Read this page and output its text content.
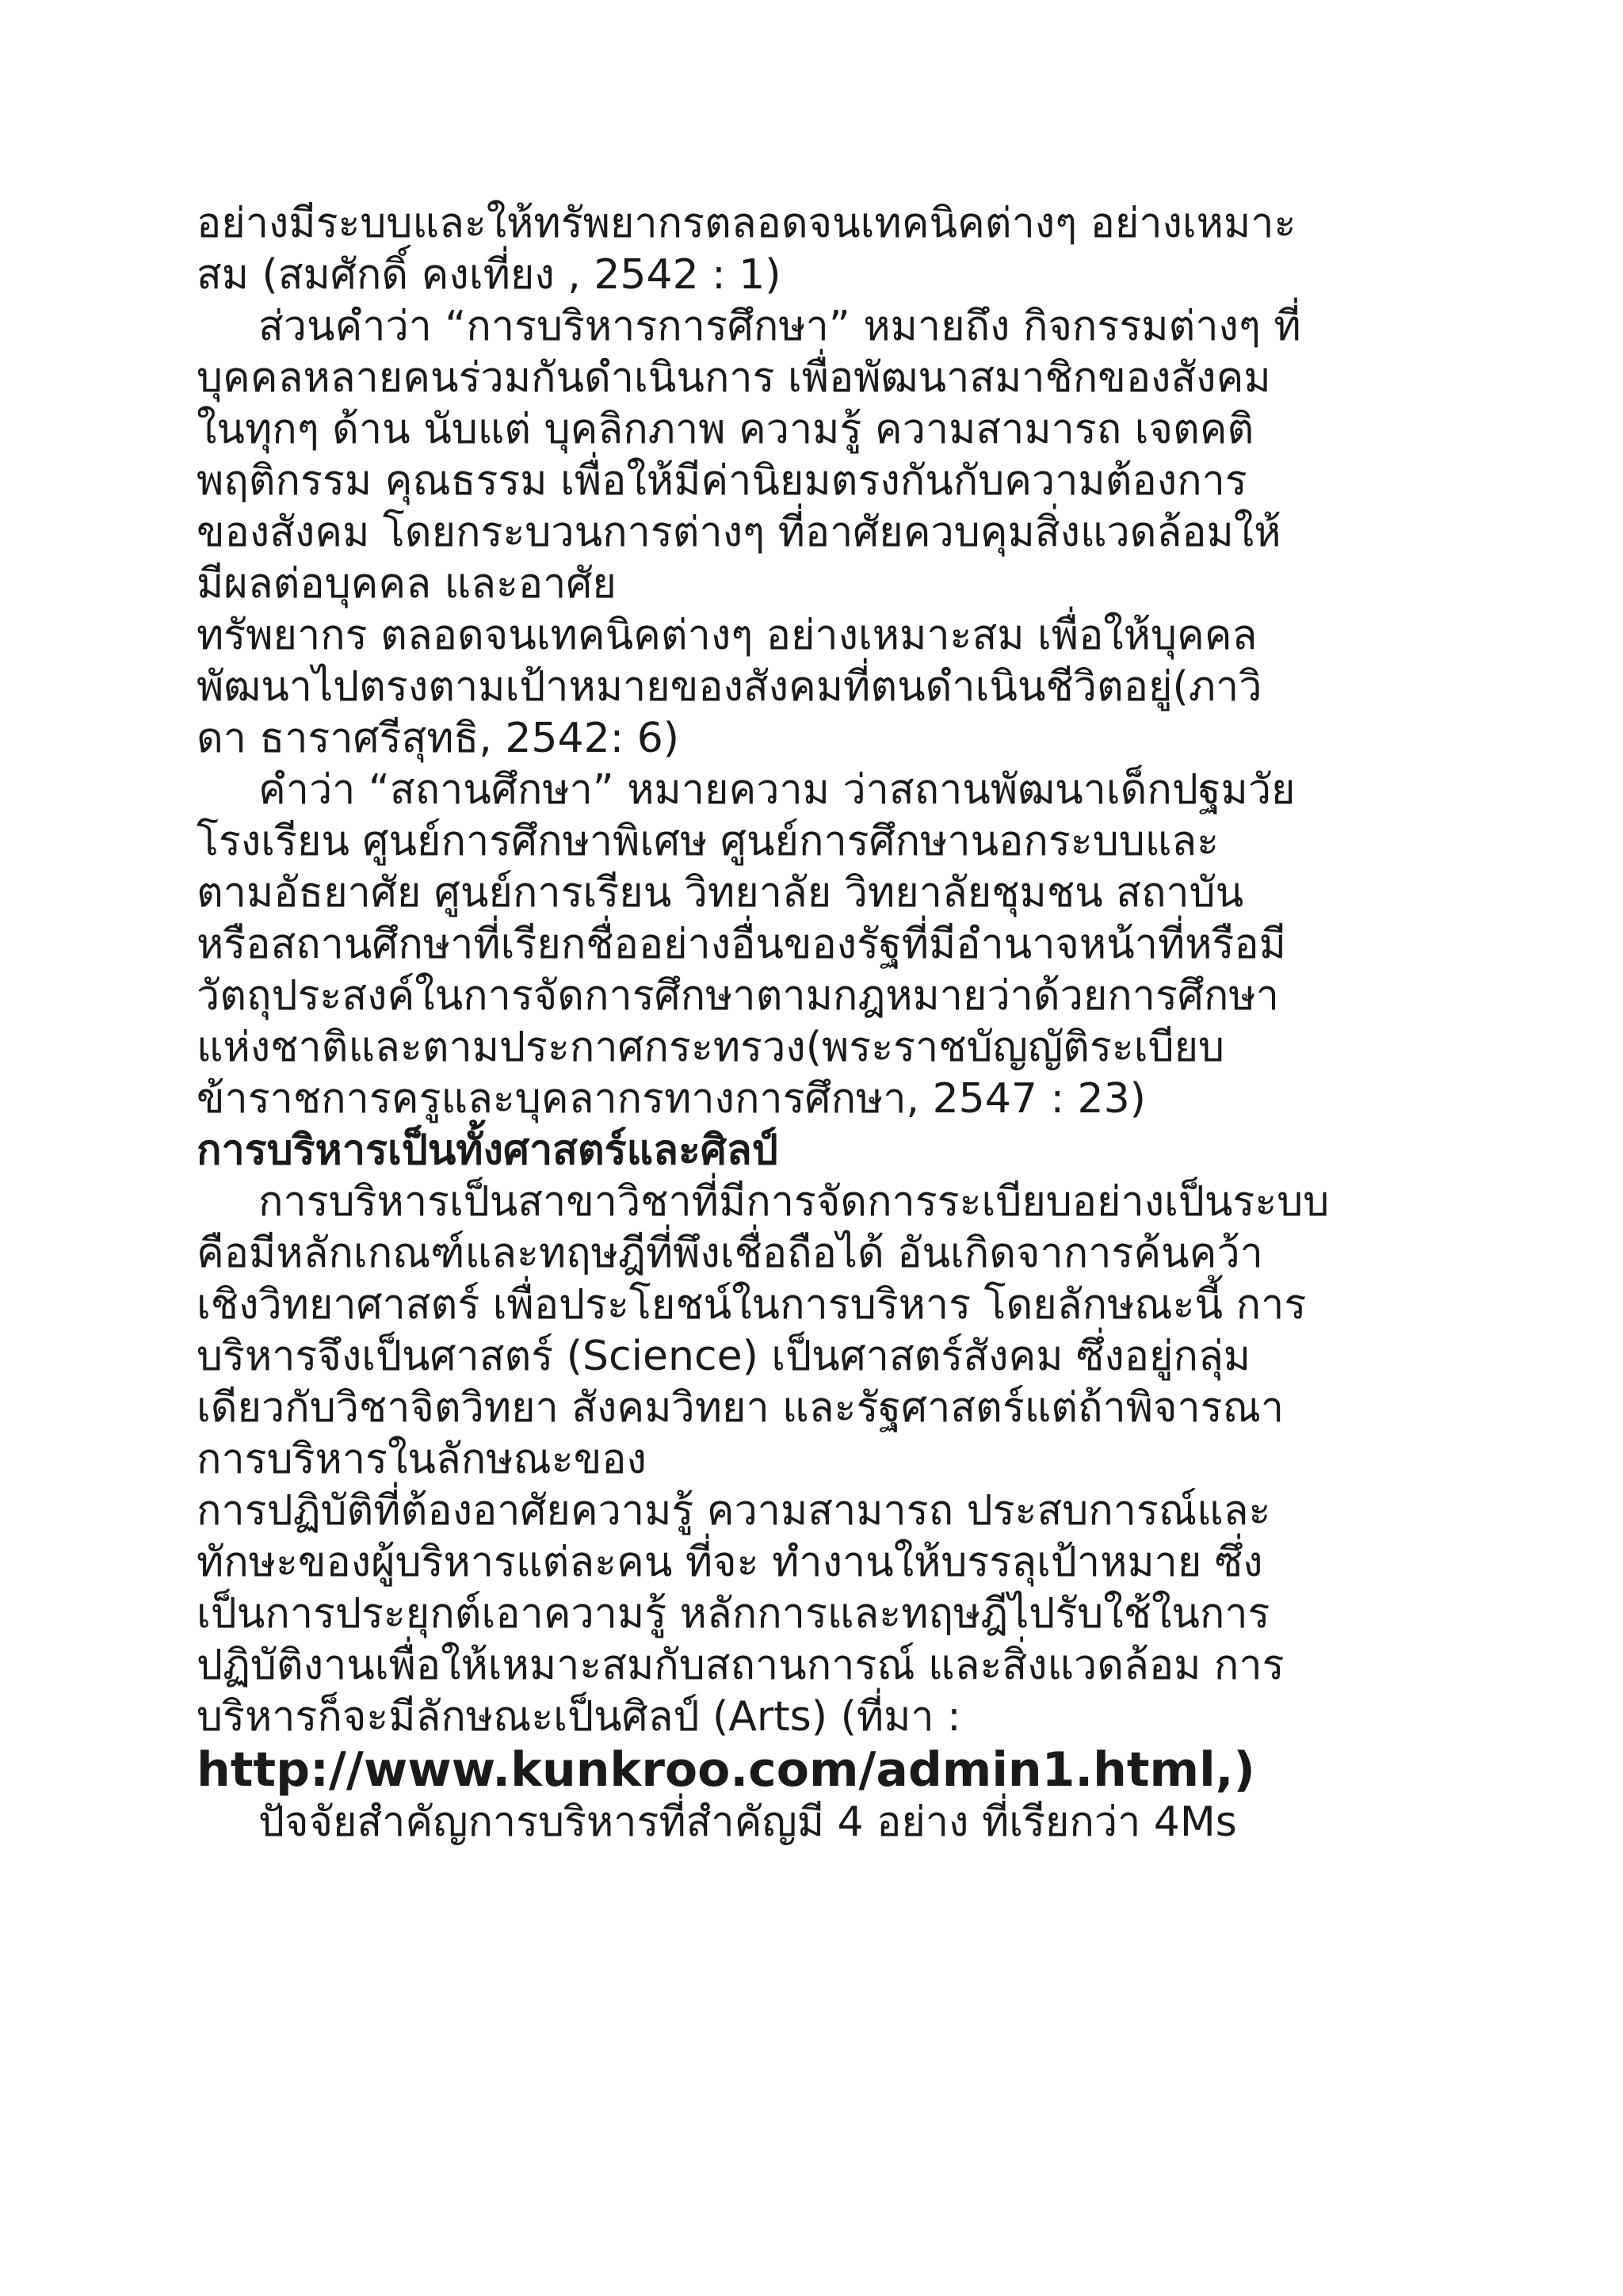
อย่างมีระบบและให้ทรัพยากรตลอดจนเทคนิคต่างๆ อย่างเหมาะ
สม (สมศักดิ์ คงเที่ยง , 2542 : 1)
ส่วนคำว่า “การบริหารการศึกษา” หมายถึง กิจกรรมต่างๆ ที่
บุคคลหลายคนร่วมกันดำเนินการ เพื่อพัฒนาสมาชิกของสังคม
ในทุกๆ ด้าน นับแต่ บุคลิกภาพ ความรู้ ความสามารถ เจตคติ
พฤติกรรม คุณธรรม เพื่อให้มีค่านิยมตรงกันกับความต้องการ
ของสังคม โดยกระบวนการต่างๆ ที่อาศัยควบคุมสิ่งแวดล้อมให้
มีผลต่อบุคคล และอาศัย
ทรัพยากร ตลอดจนเทคนิคต่างๆ อย่างเหมาะสม เพื่อให้บุคคล
พัฒนาไปตรงตามเป้าหมายของสังคมที่ตนดำเนินชีวิตอยู่(ภาวิ
ดา ธาราศรีสุทธิ, 2542: 6)
คำว่า “สถานศึกษา” หมายความ ว่าสถานพัฒนาเด็กปฐมวัย
โรงเรียน ศูนย์การศึกษาพิเศษ ศูนย์การศึกษานอกระบบและ
ตามอัธยาศัย ศูนย์การเรียน วิทยาลัย วิทยาลัยชุมชน สถาบัน
หรือสถานศึกษาที่เรียกชื่ออย่างอื่นของรัฐที่มีอำนาจหน้าที่หรือมี
วัตถุประสงค์ในการจัดการศึกษาตามกฎหมายว่าด้วยการศึกษา
แห่งชาติและตามประกาศกระทรวง(พระราชบัญญัติระเบียบ
ข้าราชการครูและบุคลากรทางการศึกษา, 2547 : 23)
การบริหารเป็นทั้งศาสตร์และศิลป์
การบริหารเป็นสาขาวิชาที่มีการจัดการระเบียบอย่างเป็นระบบ
คือมีหลักเกณฑ์และทฤษฎีที่พึงเชื่อถือได้ อันเกิดจาการค้นคว้า
เชิงวิทยาศาสตร์ เพื่อประโยชน์ในการบริหาร โดยลักษณะนี้ การ
บริหารจึงเป็นศาสตร์ (Science) เป็นศาสตร์สังคม ซึ่งอยู่กลุ่ม
เดียวกับวิชาจิตวิทยา สังคมวิทยา และรัฐศาสตร์แต่ถ้าพิจารณา
การบริหารในลักษณะของ
การปฏิบัติที่ต้องอาศัยความรู้ ความสามารถ ประสบการณ์และ
ทักษะของผู้บริหารแต่ละคน ที่จะ ทำงานให้บรรลุเป้าหมาย ซึ่ง
เป็นการประยุกต์เอาความรู้ หลักการและทฤษฎีไปรับใช้ในการ
ปฏิบัติงานเพื่อให้เหมาะสมกับสถานการณ์ และสิ่งแวดล้อม การ
บริหารก็จะมีลักษณะเป็นศิลป์ (Arts) (ที่มา :
http://www.kunkroo.com/admin1.html,)
ปัจจัยสำคัญการบริหารที่สำคัญมี 4 อย่าง ที่เรียกว่า 4Ms
